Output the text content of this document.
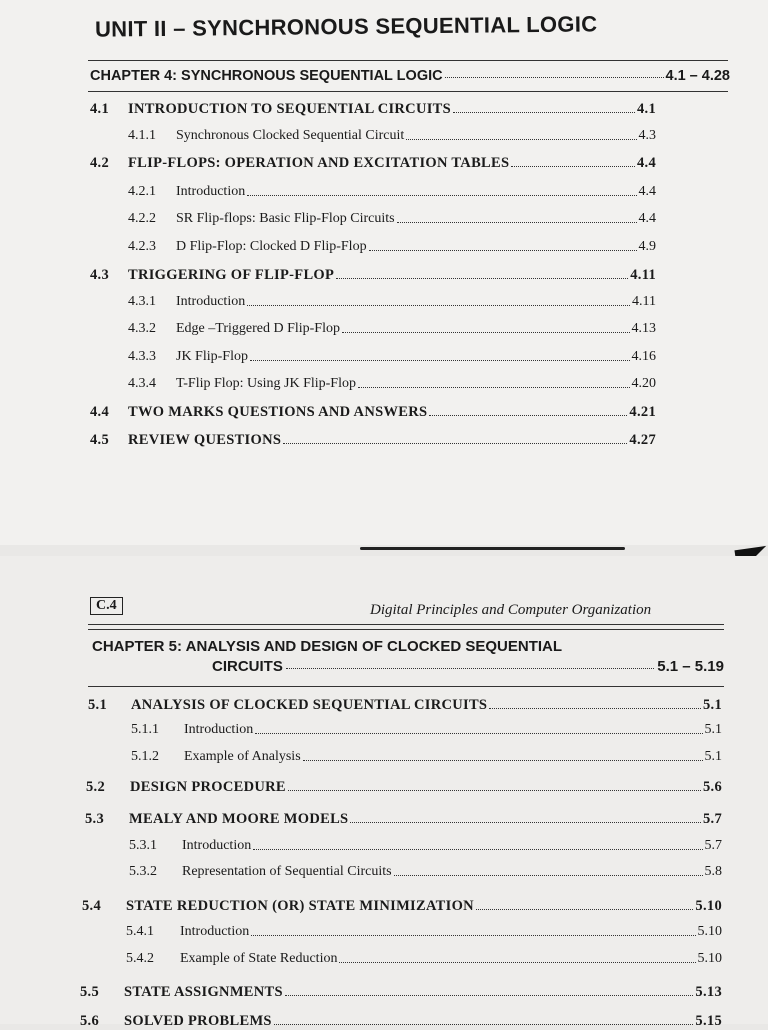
UNIT II – SYNCHRONOUS SEQUENTIAL LOGIC
CHAPTER 4: SYNCHRONOUS SEQUENTIAL LOGIC	4.1 – 4.28
4.1	INTRODUCTION TO SEQUENTIAL CIRCUITS	4.1
4.1.1	Synchronous Clocked Sequential Circuit	4.3
4.2	FLIP-FLOPS: OPERATION AND EXCITATION TABLES	4.4
4.2.1	Introduction	4.4
4.2.2	SR Flip-flops: Basic Flip-Flop Circuits	4.4
4.2.3	D Flip-Flop: Clocked D Flip-Flop	4.9
4.3	TRIGGERING OF FLIP-FLOP	4.11
4.3.1	Introduction	4.11
4.3.2	Edge –Triggered D Flip-Flop	4.13
4.3.3	JK Flip-Flop	4.16
4.3.4	T-Flip Flop: Using JK Flip-Flop	4.20
4.4	TWO MARKS QUESTIONS AND ANSWERS	4.21
4.5	REVIEW QUESTIONS	4.27
C.4	Digital Principles and Computer Organization
CHAPTER 5: ANALYSIS AND DESIGN OF CLOCKED SEQUENTIAL
CIRCUITS	5.1 – 5.19
5.1	ANALYSIS OF CLOCKED SEQUENTIAL CIRCUITS	5.1
5.1.1	Introduction	5.1
5.1.2	Example of Analysis	5.1
5.2	DESIGN PROCEDURE	5.6
5.3	MEALY AND MOORE MODELS	5.7
5.3.1	Introduction	5.7
5.3.2	Representation of Sequential Circuits	5.8
5.4	STATE REDUCTION (OR) STATE MINIMIZATION	5.10
5.4.1	Introduction	5.10
5.4.2	Example of State Reduction	5.10
5.5	STATE ASSIGNMENTS	5.13
5.6	SOLVED PROBLEMS	5.15
